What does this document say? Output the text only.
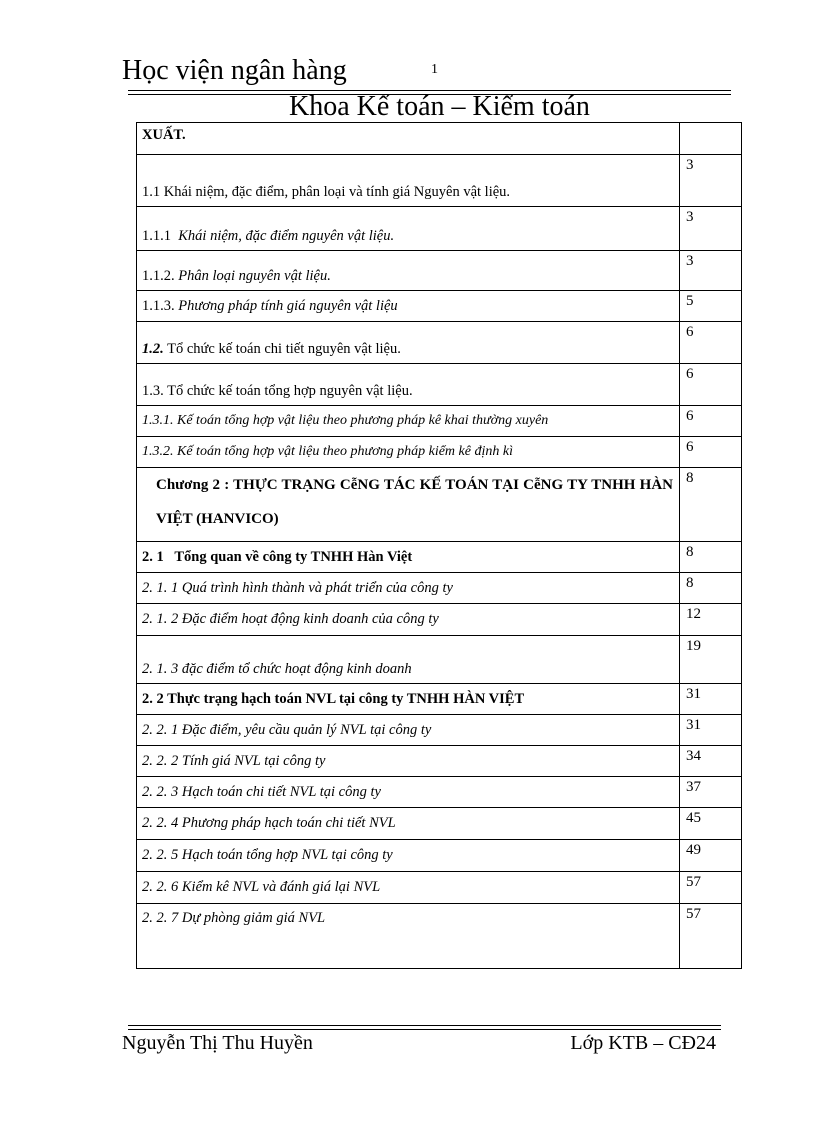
Học viện ngân hàng	1
Khoa Kế toán – Kiểm toán
XUẤT.	

1.1 Khái niệm, đặc điểm, phân loại và tính giá Nguyên vật liệu.	3

1.1.1 Khái niệm, đặc điểm nguyên vật liệu.	3

1.1.2. Phân loại nguyên vật liệu.	3

1.1.3. Phương pháp tính giá nguyên vật liệu	5

1.2. Tổ chức kế toán chi tiết nguyên vật liệu.	6

1.3. Tổ chức kế toán tổng hợp nguyên vật liệu.	6

1.3.1. Kế toán tổng hợp vật liệu theo phương pháp kê khai thường xuyên	6

1.3.2. Kế toán tổng hợp vật liệu theo phương pháp kiểm kê định kì	6

Chương 2 : THỰC TRẠNG CễNG TÁC KẾ TOÁN TẠI CễNG TY TNHH HÀN VIỆT (HANVICO)	8

2. 1   Tổng quan về công ty TNHH Hàn Việt	8

2. 1. 1 Quá trình hình thành và phát triển của công ty	8

2. 1. 2 Đặc điểm hoạt động kinh doanh của công ty	12

2. 1. 3 đặc điểm tổ chức hoạt động kinh doanh	19

2. 2 Thực trạng hạch toán NVL tại công ty TNHH HÀN VIỆT	31

2. 2. 1 Đặc điểm, yêu cầu quản lý NVL tại công ty	31

2. 2. 2 Tính giá NVL tại công ty	34

2. 2. 3 Hạch toán chi tiết NVL tại công ty	37

2. 2. 4 Phương pháp hạch toán chi tiết NVL	45

2. 2. 5 Hạch toán tổng hợp NVL tại công ty	49

2. 2. 6 Kiểm kê NVL và đánh giá lại NVL	57

2. 2. 7 Dự phòng giảm giá NVL	57
Nguyễn Thị Thu Huyền	Lớp KTB – CĐ24
